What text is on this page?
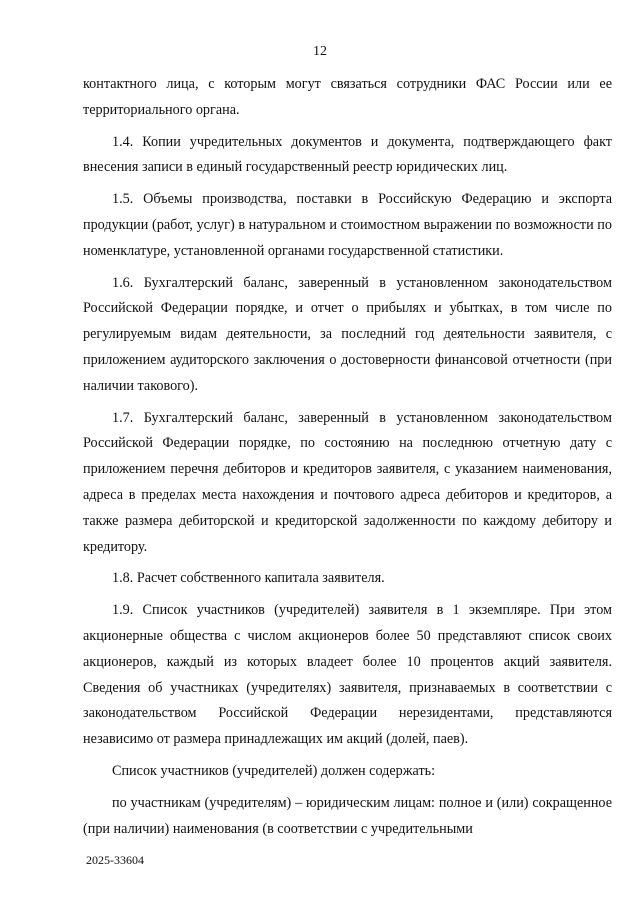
12

контактного лица, с которым могут связаться сотрудники ФАС России или ее территориального органа.

1.4. Копии учредительных документов и документа, подтверждающего факт внесения записи в единый государственный реестр юридических лиц.

1.5. Объемы производства, поставки в Российскую Федерацию и экспорта продукции (работ, услуг) в натуральном и стоимостном выражении по возможности по номенклатуре, установленной органами государственной статистики.

1.6. Бухгалтерский баланс, заверенный в установленном законодательством Российской Федерации порядке, и отчет о прибылях и убытках, в том числе по регулируемым видам деятельности, за последний год деятельности заявителя, с приложением аудиторского заключения о достоверности финансовой отчетности (при наличии такового).

1.7. Бухгалтерский баланс, заверенный в установленном законодательством Российской Федерации порядке, по состоянию на последнюю отчетную дату с приложением перечня дебиторов и кредиторов заявителя, с указанием наименования, адреса в пределах места нахождения и почтового адреса дебиторов и кредиторов, а также размера дебиторской и кредиторской задолженности по каждому дебитору и кредитору.

1.8. Расчет собственного капитала заявителя.

1.9. Список участников (учредителей) заявителя в 1 экземпляре. При этом акционерные общества с числом акционеров более 50 представляют список своих акционеров, каждый из которых владеет более 10 процентов акций заявителя. Сведения об участниках (учредителях) заявителя, признаваемых в соответствии с законодательством Российской Федерации нерезидентами, представляются независимо от размера принадлежащих им акций (долей, паев).

Список участников (учредителей) должен содержать:

по участникам (учредителям) – юридическим лицам: полное и (или) сокращенное (при наличии) наименования (в соответствии с учредительными

2025-33604
